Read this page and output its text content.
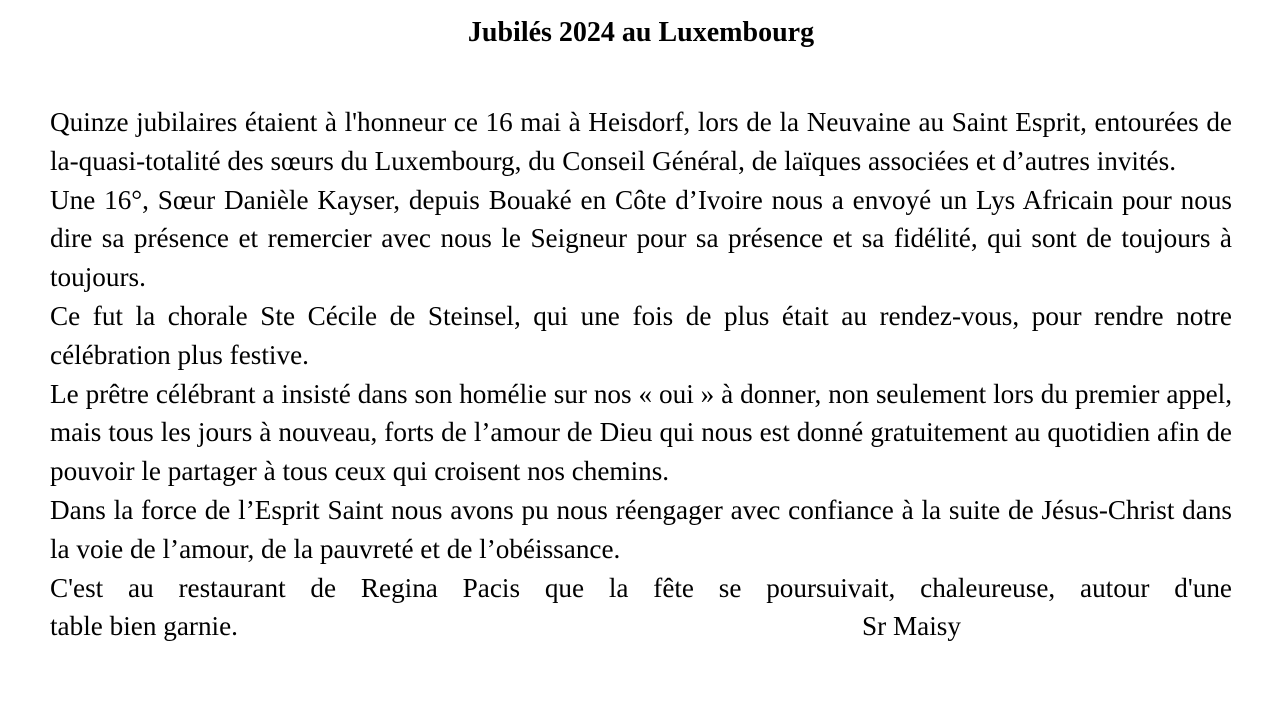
Jubilés 2024 au Luxembourg

Quinze jubilaires étaient à l'honneur ce 16 mai à Heisdorf, lors de la Neuvaine au Saint Esprit, entourées de la-quasi-totalité des sœurs du Luxembourg, du Conseil Général, de laïques associées et d’autres invités.

Une 16°, Sœur Danièle Kayser, depuis Bouaké en Côte d’Ivoire nous a envoyé un Lys Africain pour nous dire sa présence et remercier avec nous le Seigneur pour sa présence et sa fidélité, qui sont de toujours à toujours.

Ce fut la chorale Ste Cécile de Steinsel, qui une fois de plus était au rendez-vous, pour rendre notre célébration plus festive.

Le prêtre célébrant a insisté dans son homélie sur nos « oui » à donner, non seulement lors du premier appel, mais tous les jours à nouveau, forts de l’amour de Dieu qui nous est donné gratuitement au quotidien afin de pouvoir le partager à tous ceux qui croisent nos chemins.

Dans la force de l’Esprit Saint nous avons pu nous réengager avec confiance à la suite de Jésus-Christ dans la voie de l’amour, de la pauvreté et de l’obéissance.

C'est au restaurant de Regina Pacis que la fête se poursuivait, chaleureuse, autour d'une

table bien garnie.	Sr Maisy
